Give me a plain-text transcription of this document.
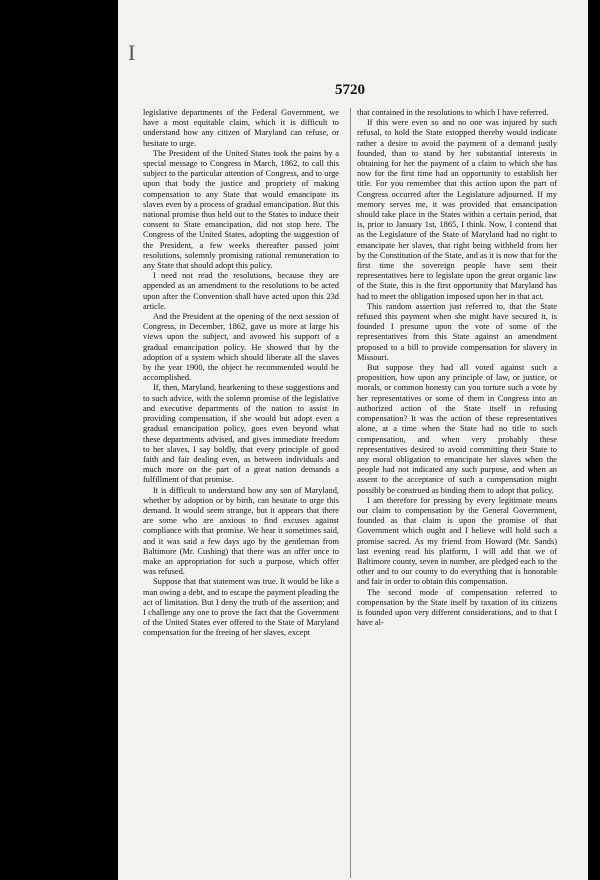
I
5720

legislative departments of the Federal Government, we have a most equitable claim, which it is difficult to understand how any citizen of Maryland can refuse, or hesitate to urge.

The President of the United States took the pains by a special message to Congress in March, 1862, to call this subject to the particular attention of Congress, and to urge upon that body the justice and propriety of making compensation to any State that would emancipate its slaves even by a process of gradual emancipation. But this national promise thus held out to the States to induce their consent to State emancipation, did not stop here. The Congress of the United States, adopting the suggestion of the President, a few weeks thereafter passed joint resolutions, solemnly promising rational remuneration to any State that should adopt this policy.

I need not read the resolutions, because they are appended as an amendment to the resolutions to be acted upon after the Convention shall have acted upon this 23d article.

And the President at the opening of the next session of Congress, in December, 1862, gave us more at large his views upon the subject, and avowed his support of a gradual emancipation policy. He showed that by the adoption of a system which should liberate all the slaves by the year 1900, the object he recommended would be accomplished.

If, then, Maryland, hearkening to these suggestions and to such advice, with the solemn promise of the legislative and executive departments of the nation to assist in providing compensation, if she would but adopt even a gradual emancipation policy, goes even beyond what these departments advised, and gives immediate freedom to her slaves, I say boldly, that every principle of good faith and fair dealing even, as between individuals and much more on the part of a great nation demands a fulfillment of that promise.

It is difficult to understand how any son of Maryland, whether by adoption or by birth, can hesitate to urge this demand. It would seem strange, but it appears that there are some who are anxious to find excuses against compliance with that promise. We hear it sometimes said, and it was said a few days ago by the gentleman from Baltimore (Mr. Cushing) that there was an offer once to make an appropriation for such a purpose, which offer was refused.

Suppose that that statement was true. It would be like a man owing a debt, and to escape the payment pleading the act of limitation. But I deny the truth of the assertion; and I challenge any one to prove the fact that the Government of the United States ever offered to the State of Maryland compensation for the freeing of her slaves, except

that contained in the resolutions to which I have referred.

If this were even so and no one was injured by such refusal, to hold the State estopped thereby would indicate rather a desire to avoid the payment of a demand justly founded, than to stand by her substantial interests in obtaining for her the payment of a claim to which she has now for the first time had an opportunity to establish her title. For you remember that this action upon the part of Congress occurred after the Legislature adjourned. If my memory serves me, it was provided that emancipation should take place in the States within a certain period, that is, prior to January 1st, 1865, I think. Now, I contend that as the Legislature of the State of Maryland had no right to emancipate her slaves, that right being withheld from her by the Constitution of the State, and as it is now that for the first time the sovereign people have sent their representatives here to legislate upon the great organic law of the State, this is the first opportunity that Maryland has had to meet the obligation imposed upon her in that act.

This random assertion just referred to, that the State refused this payment when she might have secured it, is founded I presume upon the vote of some of the representatives from this State against an amendment proposed to a bill to provide compensation for slavery in Missouri.

But suppose they had all voted against such a proposition, how upon any principle of law, or justice, or morals, or common honesty can you torture such a vote by her representatives or some of them in Congress into an authorized action of the State itself in refusing compensation? It was the action of these representatives alone, at a time when the State had no title to such compensation, and when very probably these representatives desired to avoid committing their State to any moral obligation to emancipate her slaves when the people had not indicated any such purpose, and when an assent to the acceptance of such a compensation might possibly be construed as binding them to adopt that policy.

I am therefore for pressing by every legitimate means our claim to compensation by the General Government, founded as that claim is upon the promise of that Government which ought and I believe will hold such a promise sacred. As my friend from Howard (Mr. Sands) last evening read his platform, I will add that we of Baltimore county, seven in number, are pledged each to the other and to our county to do everything that is honorable and fair in order to obtain this compensation.

The second mode of compensation referred to compensation by the State itself by taxation of its citizens is founded upon very different considerations, and to that I have al-
